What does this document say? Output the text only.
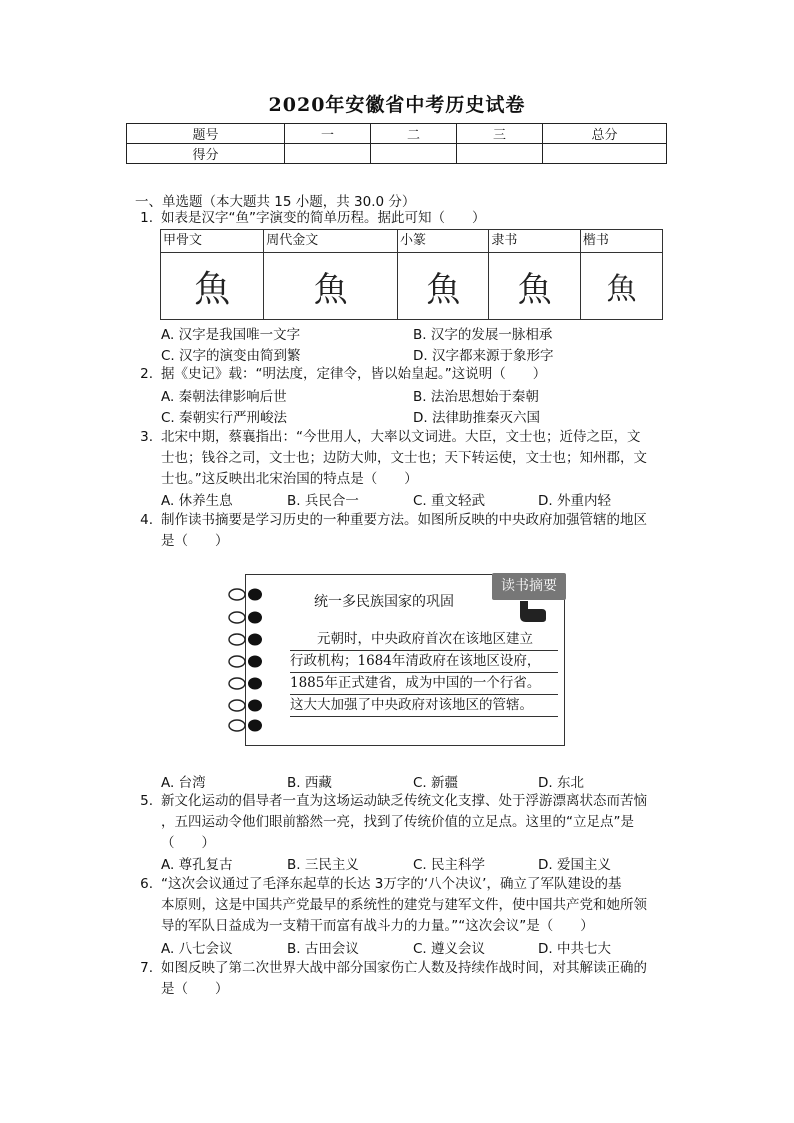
2020年安徽省中考历史试卷
题号	一	二	三	总分
得分				
一、单选题（本大题共 15 小题，共 30.0 分）
1. 如表是汉字“鱼”字演变的简单历程。据此可知（　　）
甲骨文	周代金文	小篆	隶书	楷书
魚	魚	魚	魚	魚
A. 汉字是我国唯一文字	B. 汉字的发展一脉相承
C. 汉字的演变由简到繁	D. 汉字都来源于象形字
2. 据《史记》载：“明法度，定律令，皆以始皇起。”这说明（　　）
A. 秦朝法律影响后世	B. 法治思想始于秦朝
C. 秦朝实行严刑峻法	D. 法律助推秦灭六国
3. 北宋中期，蔡襄指出：“今世用人，大率以文词进。大臣，文士也；近侍之臣，文
士也；钱谷之司，文士也；边防大帅，文士也；天下转运使，文士也；知州郡，文
士也。”这反映出北宋治国的特点是（　　）
A. 休养生息	B. 兵民合一	C. 重文轻武	D. 外重内轻
4. 制作读书摘要是学习历史的一种重要方法。如图所反映的中央政府加强管辖的地区
是（　　）
读书摘要
统一多民族国家的巩固
　　元朝时，中央政府首次在该地区建立
行政机构；1684年清政府在该地区设府，
1885年正式建省，成为中国的一个行省。
这大大加强了中央政府对该地区的管辖。
A. 台湾	B. 西藏	C. 新疆	D. 东北
5. 新文化运动的倡导者一直为这场运动缺乏传统文化支撑、处于浮游漂离状态而苦恼
，五四运动令他们眼前豁然一亮，找到了传统价值的立足点。这里的“立足点”是
（　　）
A. 尊孔复古	B. 三民主义	C. 民主科学	D. 爱国主义
6. “这次会议通过了毛泽东起草的长达 3万字的‘八个决议’，确立了军队建设的基
本原则，这是中国共产党最早的系统性的建党与建军文件，使中国共产党和她所领
导的军队日益成为一支精干而富有战斗力的力量。”“这次会议”是（　　）
A. 八七会议	B. 古田会议	C. 遵义会议	D. 中共七大
7. 如图反映了第二次世界大战中部分国家伤亡人数及持续作战时间，对其解读正确的
是（　　）
